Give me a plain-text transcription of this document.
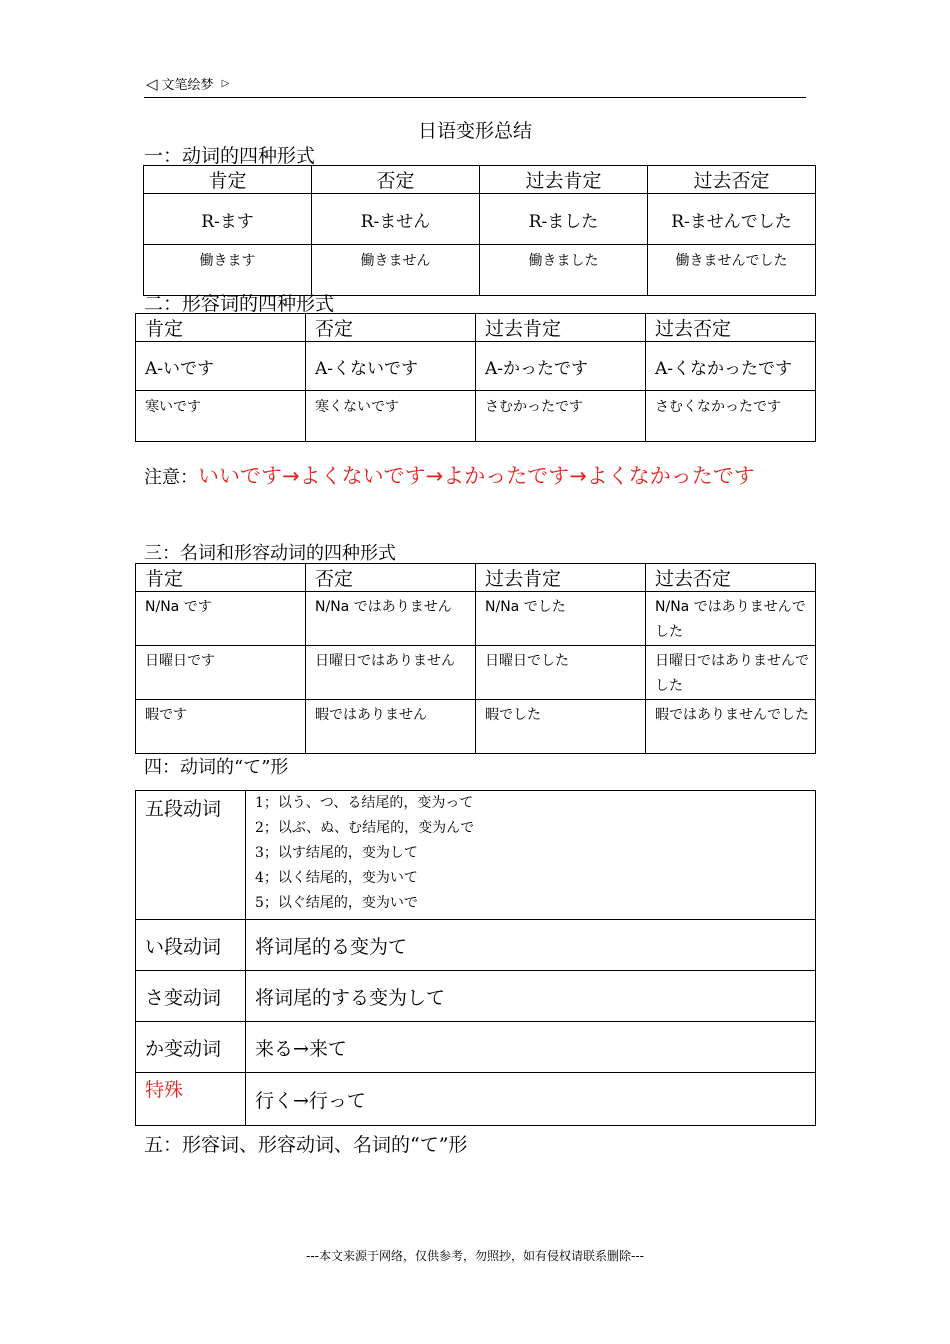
◁ 文笔绘梦 ▷
日语变形总结
一：动词的四种形式
肯定	否定	过去肯定	过去否定
R-ます	R-ません	R-ました	R-ませんでした
働きます	働きません	働きました	働きませんでした
二：形容词的四种形式
肯定	否定	过去肯定	过去否定
A-いです	A-くないです	A-かったです	A-くなかったです
寒いです	寒くないです	さむかったです	さむくなかったです
注意：いいです→よくないです→よかったです→よくなかったです
三：名词和形容动词的四种形式
肯定	否定	过去肯定	过去否定
N/Na です	N/Na ではありません	N/Na でした	N/Na ではありませんでした
日曜日です	日曜日ではありません	日曜日でした	日曜日ではありませんでした
暇です	暇ではありません	暇でした	暇ではありませんでした
四：动词的“て”形
五段动词	1；以う、つ、る结尾的，变为って
2；以ぶ、ぬ、む结尾的，变为んで
3；以す结尾的，变为して
4；以く结尾的，变为いて
5；以ぐ结尾的，变为いで

い段动词	将词尾的る变为て
さ变动词	将词尾的する变为して
か变动词	来る→来て
特殊	行く→行って
五：形容词、形容动词、名词的“て”形
---本文来源于网络，仅供参考，勿照抄，如有侵权请联系删除---
